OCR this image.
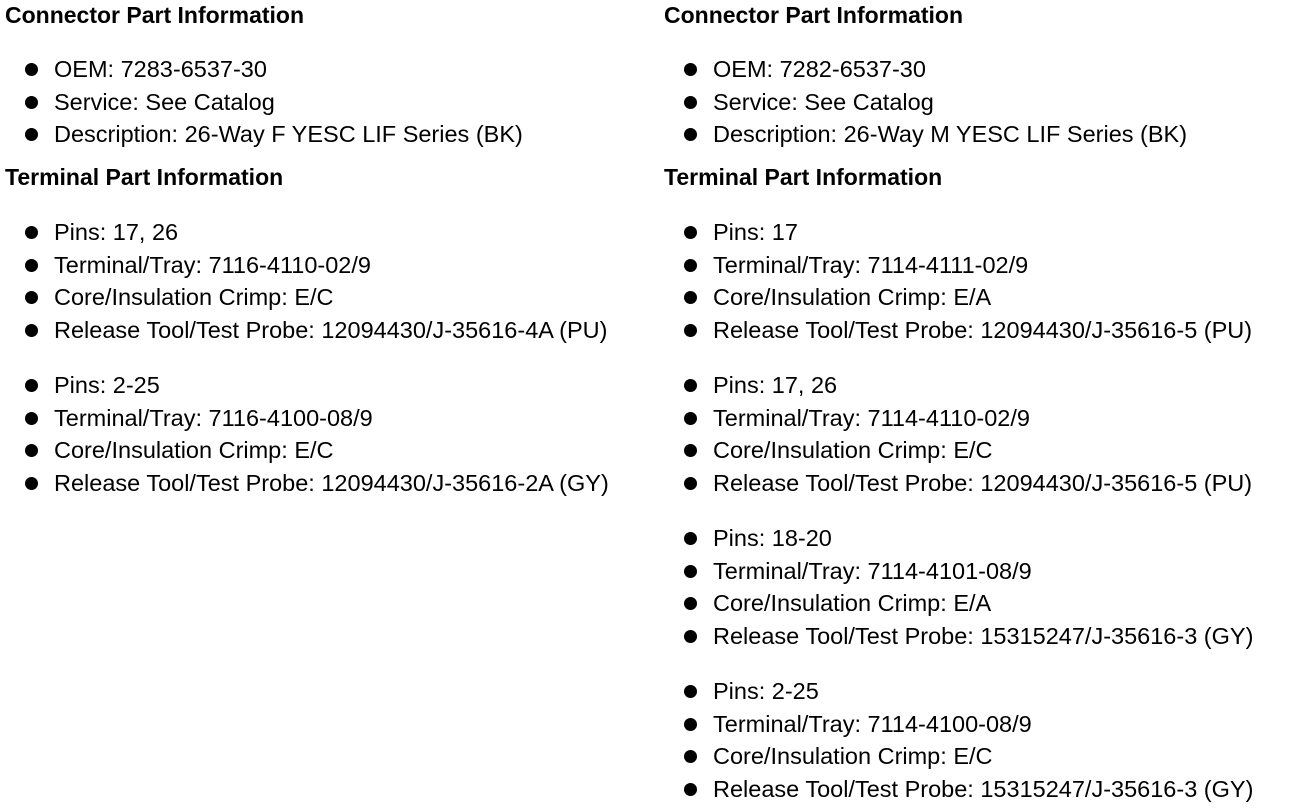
Connector Part Information
OEM: 7283-6537-30
Service: See Catalog
Description: 26-Way F YESC LIF Series (BK)
Terminal Part Information
Pins: 17, 26
Terminal/Tray: 7116-4110-02/9
Core/Insulation Crimp: E/C
Release Tool/Test Probe: 12094430/J-35616-4A (PU)
Pins: 2-25
Terminal/Tray: 7116-4100-08/9
Core/Insulation Crimp: E/C
Release Tool/Test Probe: 12094430/J-35616-2A (GY)
Connector Part Information
OEM: 7282-6537-30
Service: See Catalog
Description: 26-Way M YESC LIF Series (BK)
Terminal Part Information
Pins: 17
Terminal/Tray: 7114-4111-02/9
Core/Insulation Crimp: E/A
Release Tool/Test Probe: 12094430/J-35616-5 (PU)
Pins: 17, 26
Terminal/Tray: 7114-4110-02/9
Core/Insulation Crimp: E/C
Release Tool/Test Probe: 12094430/J-35616-5 (PU)
Pins: 18-20
Terminal/Tray: 7114-4101-08/9
Core/Insulation Crimp: E/A
Release Tool/Test Probe: 15315247/J-35616-3 (GY)
Pins: 2-25
Terminal/Tray: 7114-4100-08/9
Core/Insulation Crimp: E/C
Release Tool/Test Probe: 15315247/J-35616-3 (GY)
